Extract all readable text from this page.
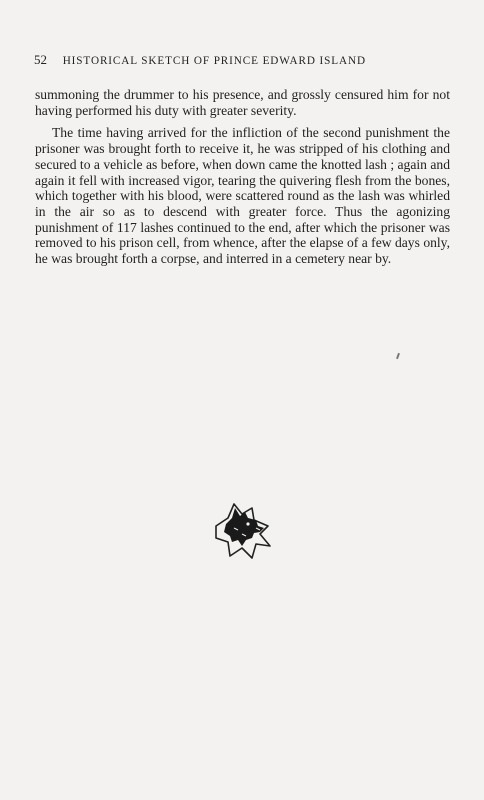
52 HISTORICAL SKETCH OF PRINCE EDWARD ISLAND

summoning the drummer to his presence, and grossly censured him for not having performed his duty with greater severity.

The time having arrived for the infliction of the second punishment the prisoner was brought forth to receive it, he was stripped of his clothing and secured to a vehicle as before, when down came the knotted lash ; again and again it fell with increased vigor, tearing the quivering flesh from the bones, which together with his blood, were scattered round as the lash was whirled in the air so as to descend with greater force. Thus the agonizing punishment of 117 lashes continued to the end, after which the prisoner was removed to his prison cell, from whence, after the elapse of a few days only, he was brought forth a corpse, and interred in a cemetery near by.
